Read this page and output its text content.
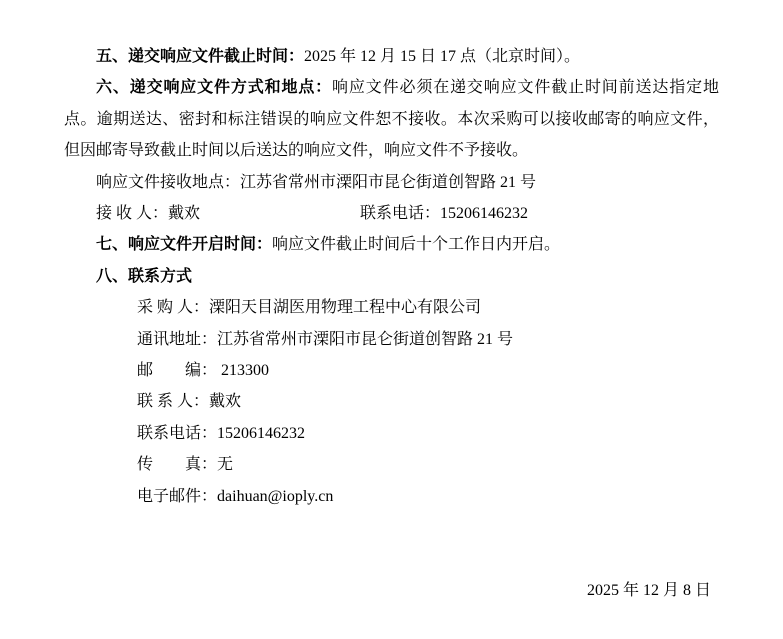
五、递交响应文件截止时间：2025 年 12 月 15 日 17 点（北京时间）。

六、递交响应文件方式和地点：响应文件必须在递交响应文件截止时间前送达指定地点。逾期送达、密封和标注错误的响应文件恕不接收。本次采购可以接收邮寄的响应文件，但因邮寄导致截止时间以后送达的响应文件，响应文件不予接收。

响应文件接收地点：江苏省常州市溧阳市昆仑街道创智路 21 号

接 收 人：戴欢	联系电话：15206146232

七、响应文件开启时间：响应文件截止时间后十个工作日内开启。

八、联系方式

采 购 人：溧阳天目湖医用物理工程中心有限公司

通讯地址：江苏省常州市溧阳市昆仑街道创智路 21 号

邮　　编： 213300

联 系 人：戴欢

联系电话：15206146232

传　　真：无

电子邮件：daihuan@ioply.cn

2025 年 12 月 8 日
